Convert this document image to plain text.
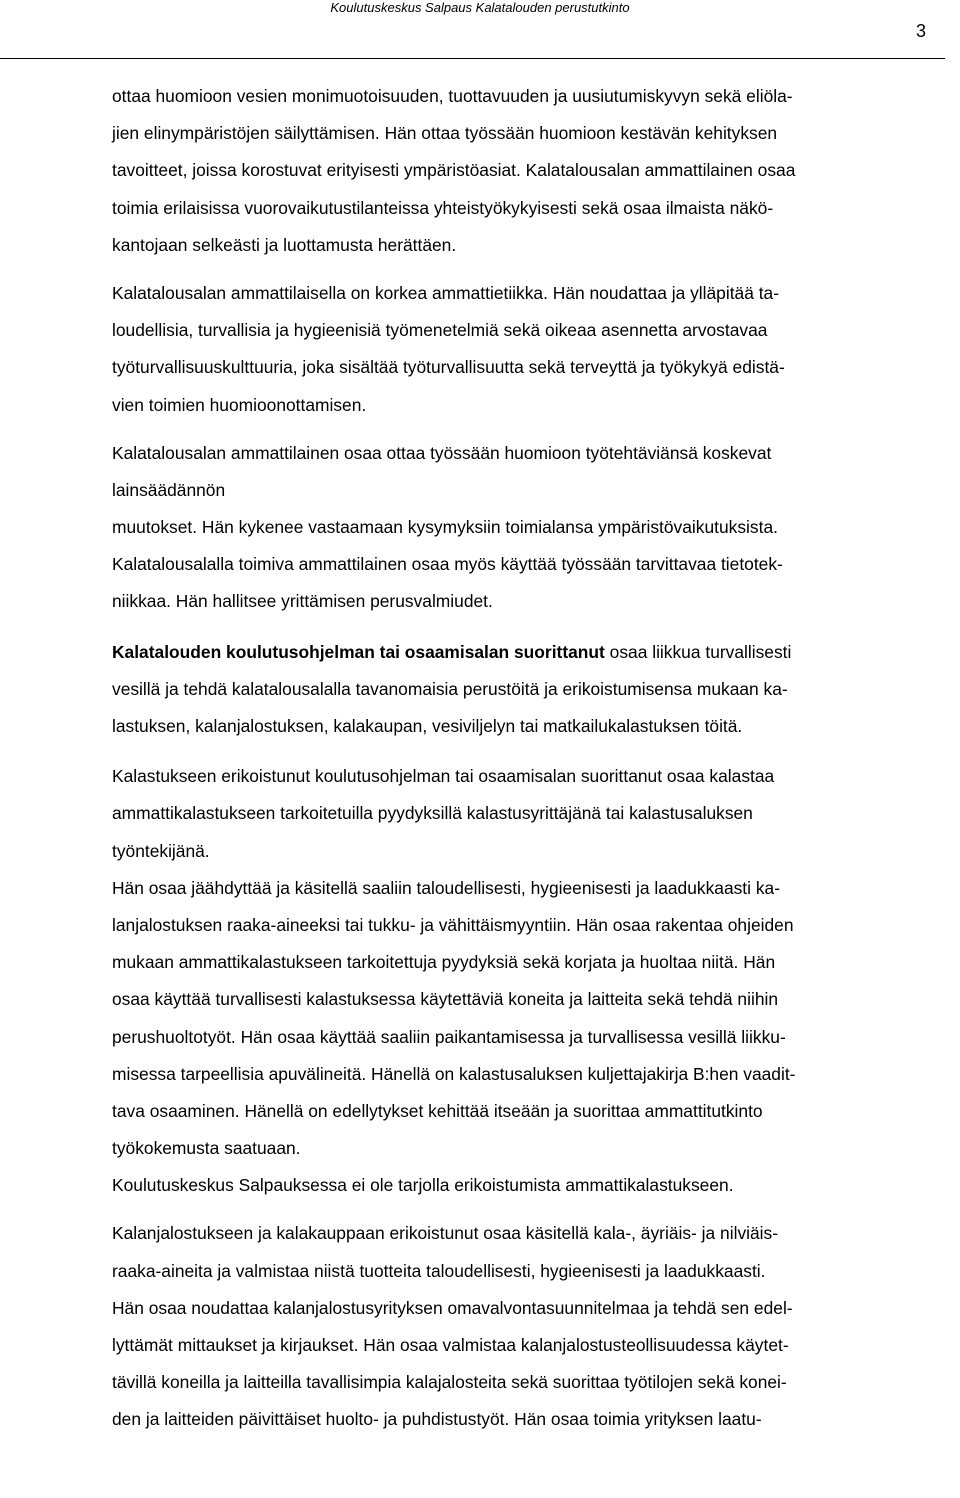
Koulutuskeskus Salpaus Kalatalouden perustutkinto
3
ottaa huomioon vesien monimuotoisuuden, tuottavuuden ja uusiutumiskyvyn sekä eliöla-
jien elinympäristöjen säilyttämisen. Hän ottaa työssään huomioon kestävän kehityksen
tavoitteet, joissa korostuvat erityisesti ympäristöasiat. Kalatalousalan ammattilainen osaa
toimia erilaisissa vuorovaikutustilanteissa yhteistyökykyisesti sekä osaa ilmaista näkö-
kantojaan selkeästi ja luottamusta herättäen.
Kalatalousalan ammattilaisella on korkea ammattietiikka. Hän noudattaa ja ylläpitää ta-
loudellisia, turvallisia ja hygieenisiä työmenetelmiä sekä oikeaa asennetta arvostavaa
työturvallisuuskulttuuria, joka sisältää työturvallisuutta sekä terveyttä ja työkykyä edistä-
vien toimien huomioonottamisen.
Kalatalousalan ammattilainen osaa ottaa työssään huomioon työtehtäviänsä koskevat
lainsäädännön
muutokset. Hän kykenee vastaamaan kysymyksiin toimialansa ympäristövaikutuksista.
Kalatalousalalla toimiva ammattilainen osaa myös käyttää työssään tarvittavaa tietotek-
niikkaa. Hän hallitsee yrittämisen perusvalmiudet.
Kalatalouden koulutusohjelman tai osaamisalan suorittanut osaa liikkua turvallisesti
vesillä ja tehdä kalatalousalalla tavanomaisia perustöitä ja erikoistumisensa mukaan ka-
lastuksen, kalanjalostuksen, kalakaupan, vesiviljelyn tai matkailukalastuksen töitä.
Kalastukseen erikoistunut koulutusohjelman tai osaamisalan suorittanut osaa kalastaa
ammattikalastukseen tarkoitetuilla pyydyksillä kalastusyrittäjänä tai kalastusaluksen
työntekijänä.
Hän osaa jäähdyttää ja käsitellä saaliin taloudellisesti, hygieenisesti ja laadukkaasti ka-
lanjalostuksen raaka-aineeksi tai tukku- ja vähittäismyyntiin. Hän osaa rakentaa ohjeiden
mukaan ammattikalastukseen tarkoitettuja pyydyksiä sekä korjata ja huoltaa niitä. Hän
osaa käyttää turvallisesti kalastuksessa käytettäviä koneita ja laitteita sekä tehdä niihin
perushuoltotyöt. Hän osaa käyttää saaliin paikantamisessa ja turvallisessa vesillä liikku-
misessa tarpeellisia apuvälineitä. Hänellä on kalastusaluksen kuljettajakirja B:hen vaadit-
tava osaaminen. Hänellä on edellytykset kehittää itseään ja suorittaa ammattitutkinto
työkokemusta saatuaan.
Koulutuskeskus Salpauksessa ei ole tarjolla erikoistumista ammattikalastukseen.
Kalanjalostukseen ja kalakauppaan erikoistunut osaa käsitellä kala-, äyriäis- ja nilviäis-
raaka-aineita ja valmistaa niistä tuotteita taloudellisesti, hygieenisesti ja laadukkaasti.
Hän osaa noudattaa kalanjalostusyrityksen omavalvontasuunnitelmaa ja tehdä sen edel-
lyttämät mittaukset ja kirjaukset. Hän osaa valmistaa kalanjalostusteollisuudessa käytet-
tävillä koneilla ja laitteilla tavallisimpia kalajalosteita sekä suorittaa työtilojen sekä konei-
den ja laitteiden päivittäiset huolto- ja puhdistustyöt. Hän osaa toimia yrityksen laatu-
